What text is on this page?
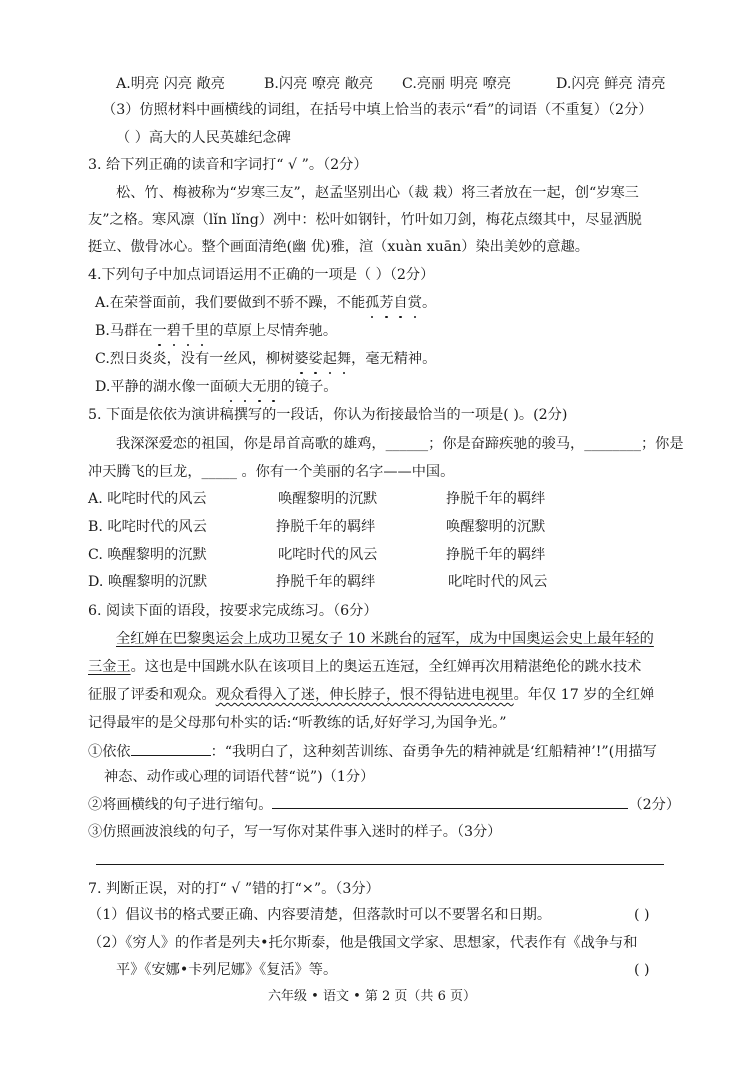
A.明亮 闪亮 敞亮	B.闪亮 嘹亮 敞亮 C.亮丽 明亮 嘹亮	D.闪亮 鲜亮 清亮
（3）仿照材料中画横线的词组，在括号中填上恰当的表示“看”的词语（不重复）（2分）
（ ）高大的人民英雄纪念碑
3. 给下列正确的读音和字词打“ √ ”。（2分）
松、竹、梅被称为“岁寒三友”，赵孟坚别出心（裁 栽）将三者放在一起，创“岁寒三
友”之格。寒风凛（lǐn lǐng）冽中：松叶如钢针，竹叶如刀剑，梅花点缀其中，尽显洒脱
挺立、傲骨冰心。整个画面清绝(幽 优)雅，渲（xuàn xuān）染出美妙的意趣。
4.下列句子中加点词语运用不正确的一项是（ ）（2分）
A.在荣誉面前，我们要做到不骄不躁，不能孤芳自赏。
B.马群在一碧千里的草原上尽情奔驰。
C.烈日炎炎，没有一丝风，柳树婆娑起舞，毫无精神。
D.平静的湖水像一面硕大无朋的镜子。
5. 下面是依依为演讲稿撰写的一段话，你认为衔接最恰当的一项是( )。(2分)
我深深爱恋的祖国，你是昂首高歌的雄鸡，______；你是奋蹄疾驰的骏马，________；你是
冲天腾飞的巨龙，_____ 。你有一个美丽的名字——中国。
A. 叱咤时代的风云	唤醒黎明的沉默	挣脱千年的羁绊
B. 叱咤时代的风云	挣脱千年的羁绊	唤醒黎明的沉默
C. 唤醒黎明的沉默	叱咤时代的风云	挣脱千年的羁绊
D. 唤醒黎明的沉默	挣脱千年的羁绊	叱咤时代的风云
6. 阅读下面的语段，按要求完成练习。（6分）
全红婵在巴黎奥运会上成功卫冕女子 10 米跳台的冠军，成为中国奥运会史上最年轻的
三金王。这也是中国跳水队在该项目上的奥运五连冠，全红婵再次用精湛绝伦的跳水技术
征服了评委和观众。观众看得入了迷，伸长脖子，恨不得钻进电视里。年仅 17 岁的全红婵
记得最牢的是父母那句朴实的话:“听教练的话,好好学习,为国争光。”
①依依	：“我明白了，这种刻苦训练、奋勇争先的精神就是‘红船精神’!”(用描写
神态、动作或心理的词语代替“说”)（1分）
②将画横线的句子进行缩句。	（2分）
③仿照画波浪线的句子，写一写你对某件事入迷时的样子。（3分）
7. 判断正误，对的打“ √ ”错的打“×”。（3分）
（1）倡议书的格式要正确、内容要清楚，但落款时可以不要署名和日期。	( )
（2）《穷人》的作者是列夫•托尔斯泰，他是俄国文学家、思想家，代表作有《战争与和
平》《安娜•卡列尼娜》《复活》等。	( )
六年级 • 语文 • 第 2 页（共 6 页）
